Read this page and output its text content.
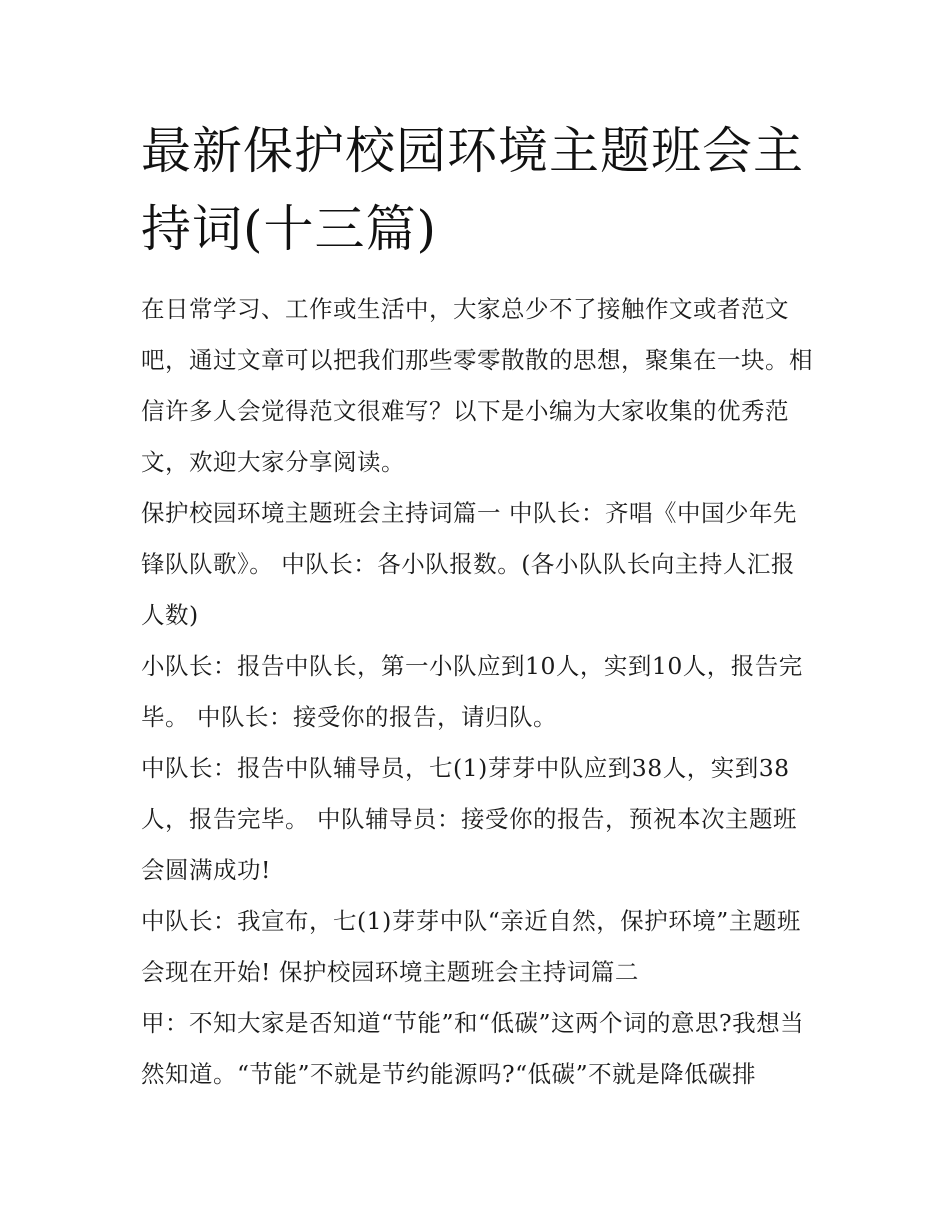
最新保护校园环境主题班会主
持词(十三篇)

在日常学习、工作或生活中，大家总少不了接触作文或者范文吧，通过文章可以把我们那些零零散散的思想，聚集在一块。相信许多人会觉得范文很难写？以下是小编为大家收集的优秀范文，欢迎大家分享阅读。

保护校园环境主题班会主持词篇一 中队长：齐唱《中国少年先锋队队歌》。 中队长：各小队报数。(各小队队长向主持人汇报人数)

小队长：报告中队长，第一小队应到10人，实到10人，报告完毕。 中队长：接受你的报告，请归队。

中队长：报告中队辅导员，七(1)芽芽中队应到38人，实到38人，报告完毕。 中队辅导员：接受你的报告，预祝本次主题班会圆满成功!

中队长：我宣布，七(1)芽芽中队“亲近自然，保护环境”主题班会现在开始! 保护校园环境主题班会主持词篇二

甲：不知大家是否知道“节能”和“低碳”这两个词的意思?我想当然知道。“节能”不就是节约能源吗?“低碳”不就是降低碳排
